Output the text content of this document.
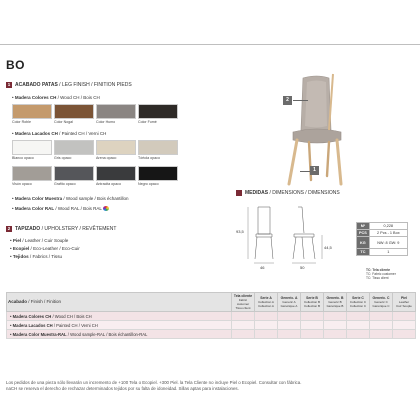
BO
1 ACABADO PATAS / LEG FINISH / FINITION PIEDS
• Madera Colores CH / Wood CH / Bois CH
Color Roble	Color Nogal	Color Humo	Color Fumé
• Madera Lacados CH / Painted CH / Verni CH
Blanco opaco	Gris opaco	Arena opaco	Tórtola opaco
Visón opaco	Grafito opaco	Antracita opaco	Negro opaco
• Madera Color Muestra / Wood sample / Bois échantillon
• Madera Color RAL / Wood RAL / Bois RAL
2 TAPIZADO / UPHOLSTERY / REVÊTEMENT
• Piel / Leather / Cuir Souple
• Ecopiel / Eco-Leather / Eco-Cuir
• Tejidos / Fabrics / Tissu
2
1
MEDIDAS / DIMENSIONS / DIMENSIONS
93,5
44,5
46	50
M³	0,228
PCS	2 Pcs - 1 Box
KG	NW: 8 GW: 9
TC	1
TC: Tela cliente
TC: Fabric customer
TC: Tissu client
Acabado / Finish / Finition	Tela cliente
Fabric customer
Tissu client	Serie A
Collection A
Collection A	Generic. A
Generic A
Générique A	Serie B
Collection B
Collection B	Generic. B
Generic B
Générique B	Serie C
Collection C
Collection C	Generic. C
Generic C
Générique C	Piel
Leather
Cuir Souple

• Madera Colores CH / Wood CH / Bois CH								
• Madera Lacados CH / Painted CH / Verni CH								
• Madera Color Muestra-RAL / Wood sample-RAL / Bois échantillon-RAL								
Los pedidos de una pieza sólo llevarán un incremento de +100 Tela o Ecopiel. +300 Piel. la Tela Cliente no incluye Piel o Ecopiel. Consultar con fábrica.
naCH se reserva el derecho de rechazar determinados tejidos por su falta de idoneidad. Sillas aptas para instalaciones.
